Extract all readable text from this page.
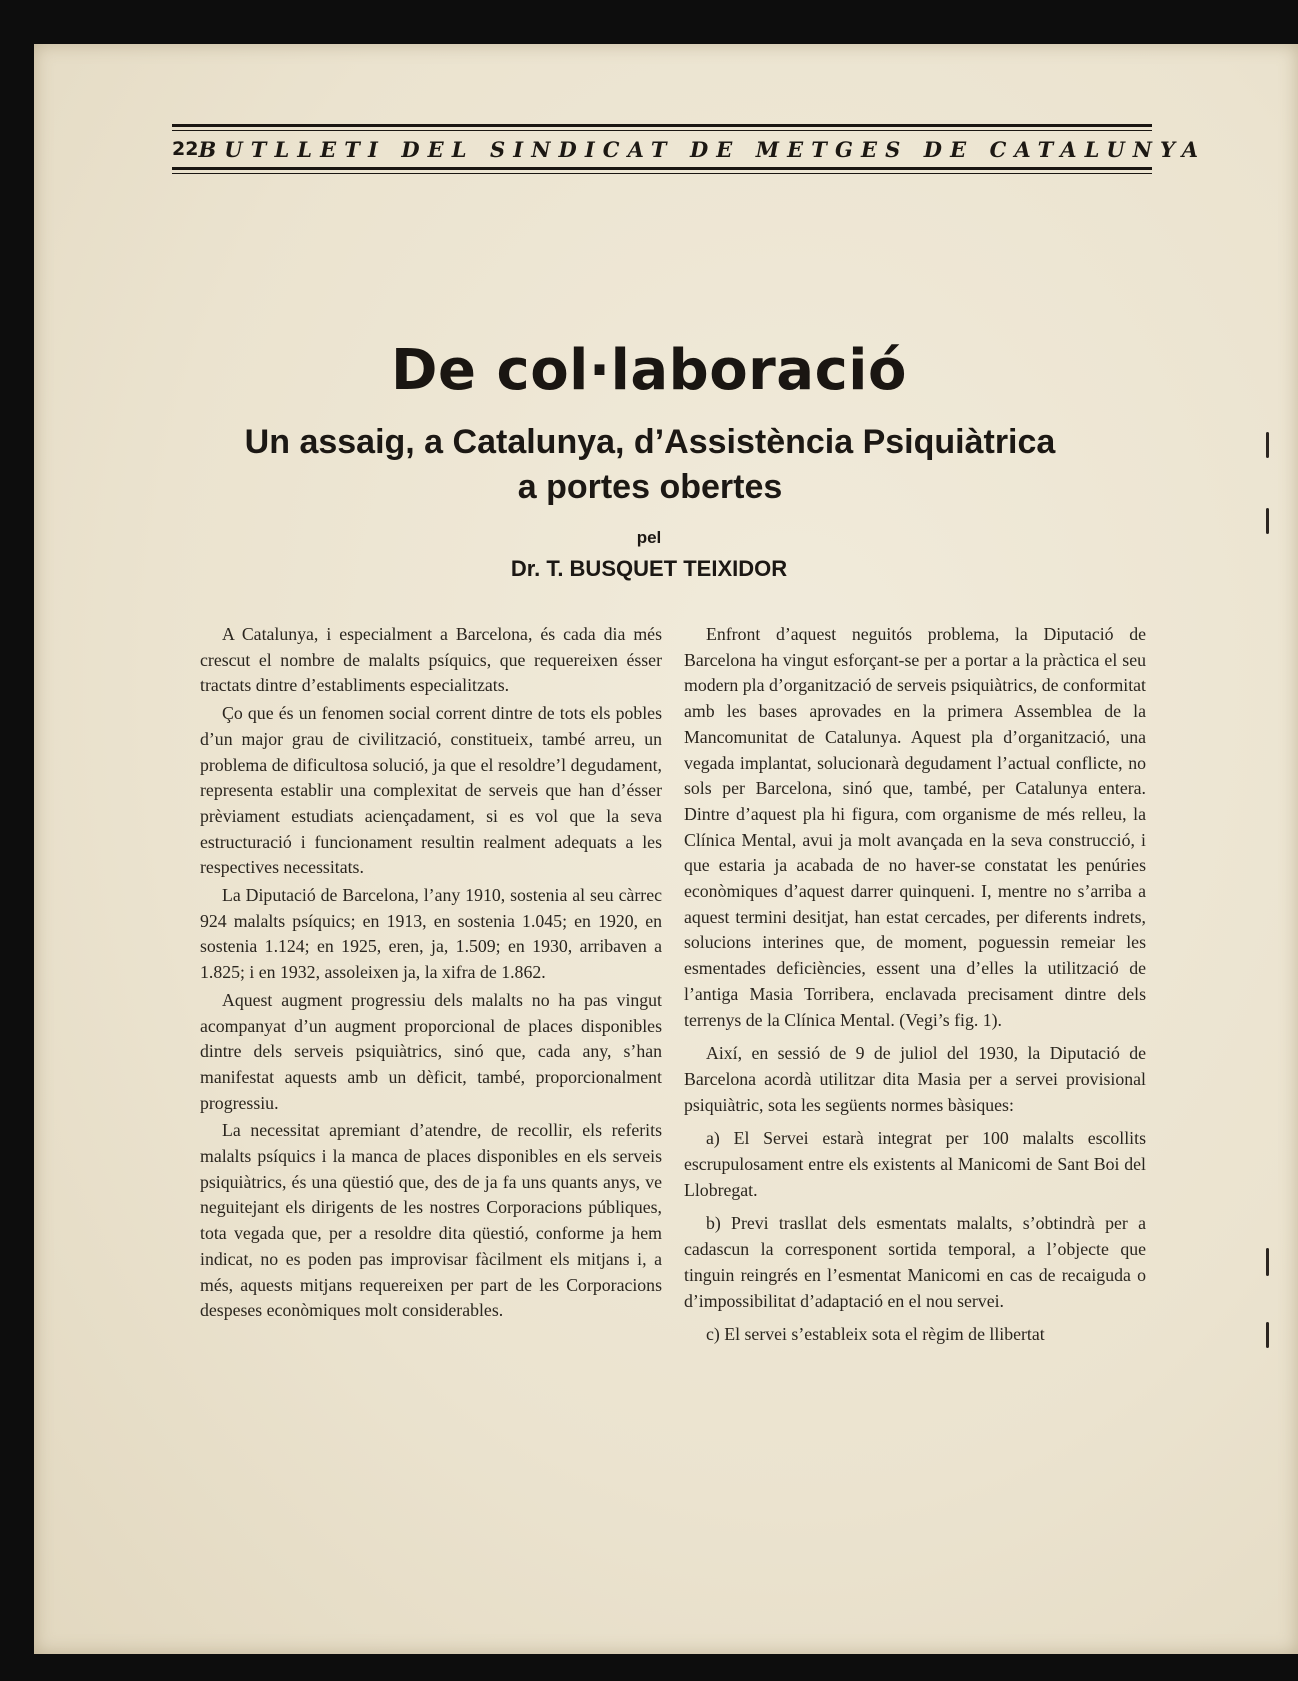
22 BUTLLETI DEL SINDICAT DE METGES DE CATALUNYA
De col·laboració
Un assaig, a Catalunya, d’Assistència Psiquiàtrica
a portes obertes
pel
Dr. T. BUSQUET TEIXIDOR

A Catalunya, i especialment a Barcelona, és cada dia més crescut el nombre de malalts psíquics, que requereixen ésser tractats dintre d’establiments especialitzats.

Ço que és un fenomen social corrent dintre de tots els pobles d’un major grau de civilització, constitueix, també arreu, un problema de dificultosa solució, ja que el resoldre’l degudament, representa establir una complexitat de serveis que han d’ésser prèviament estudiats aciençadament, si es vol que la seva estructuració i funcionament resultin realment adequats a les respectives necessitats.

La Diputació de Barcelona, l’any 1910, sostenia al seu càrrec 924 malalts psíquics; en 1913, en sostenia 1.045; en 1920, en sostenia 1.124; en 1925, eren, ja, 1.509; en 1930, arribaven a 1.825; i en 1932, assoleixen ja, la xifra de 1.862.

Aquest augment progressiu dels malalts no ha pas vingut acompanyat d’un augment proporcional de places disponibles dintre dels serveis psiquiàtrics, sinó que, cada any, s’han manifestat aquests amb un dèficit, també, proporcionalment progressiu.

La necessitat apremiant d’atendre, de recollir, els referits malalts psíquics i la manca de places disponibles en els serveis psiquiàtrics, és una qüestió que, des de ja fa uns quants anys, ve neguitejant els dirigents de les nostres Corporacions públiques, tota vegada que, per a resoldre dita qüestió, conforme ja hem indicat, no es poden pas improvisar fàcilment els mitjans i, a més, aquests mitjans requereixen per part de les Corporacions despeses econòmiques molt considerables.

Enfront d’aquest neguitós problema, la Diputació de Barcelona ha vingut esforçant-se per a portar a la pràctica el seu modern pla d’organització de serveis psiquiàtrics, de conformitat amb les bases aprovades en la primera Assemblea de la Mancomunitat de Catalunya. Aquest pla d’organització, una vegada implantat, solucionarà degudament l’actual conflicte, no sols per Barcelona, sinó que, també, per Catalunya entera. Dintre d’aquest pla hi figura, com organisme de més relleu, la Clínica Mental, avui ja molt avançada en la seva construcció, i que estaria ja acabada de no haver-se constatat les penúries econòmiques d’aquest darrer quinqueni. I, mentre no s’arriba a aquest termini desitjat, han estat cercades, per diferents indrets, solucions interines que, de moment, poguessin remeiar les esmentades deficiències, essent una d’elles la utilització de l’antiga Masia Torribera, enclavada precisament dintre dels terrenys de la Clínica Mental. (Vegi’s fig. 1).

Així, en sessió de 9 de juliol del 1930, la Diputació de Barcelona acordà utilitzar dita Masia per a servei provisional psiquiàtric, sota les següents normes bàsiques:

a) El Servei estarà integrat per 100 malalts escollits escrupulosament entre els existents al Manicomi de Sant Boi del Llobregat.

b) Previ trasllat dels esmentats malalts, s’obtindrà per a cadascun la corresponent sortida temporal, a l’objecte que tinguin reingrés en l’esmentat Manicomi en cas de recaiguda o d’impossibilitat d’adaptació en el nou servei.

c) El servei s’estableix sota el règim de llibertat
